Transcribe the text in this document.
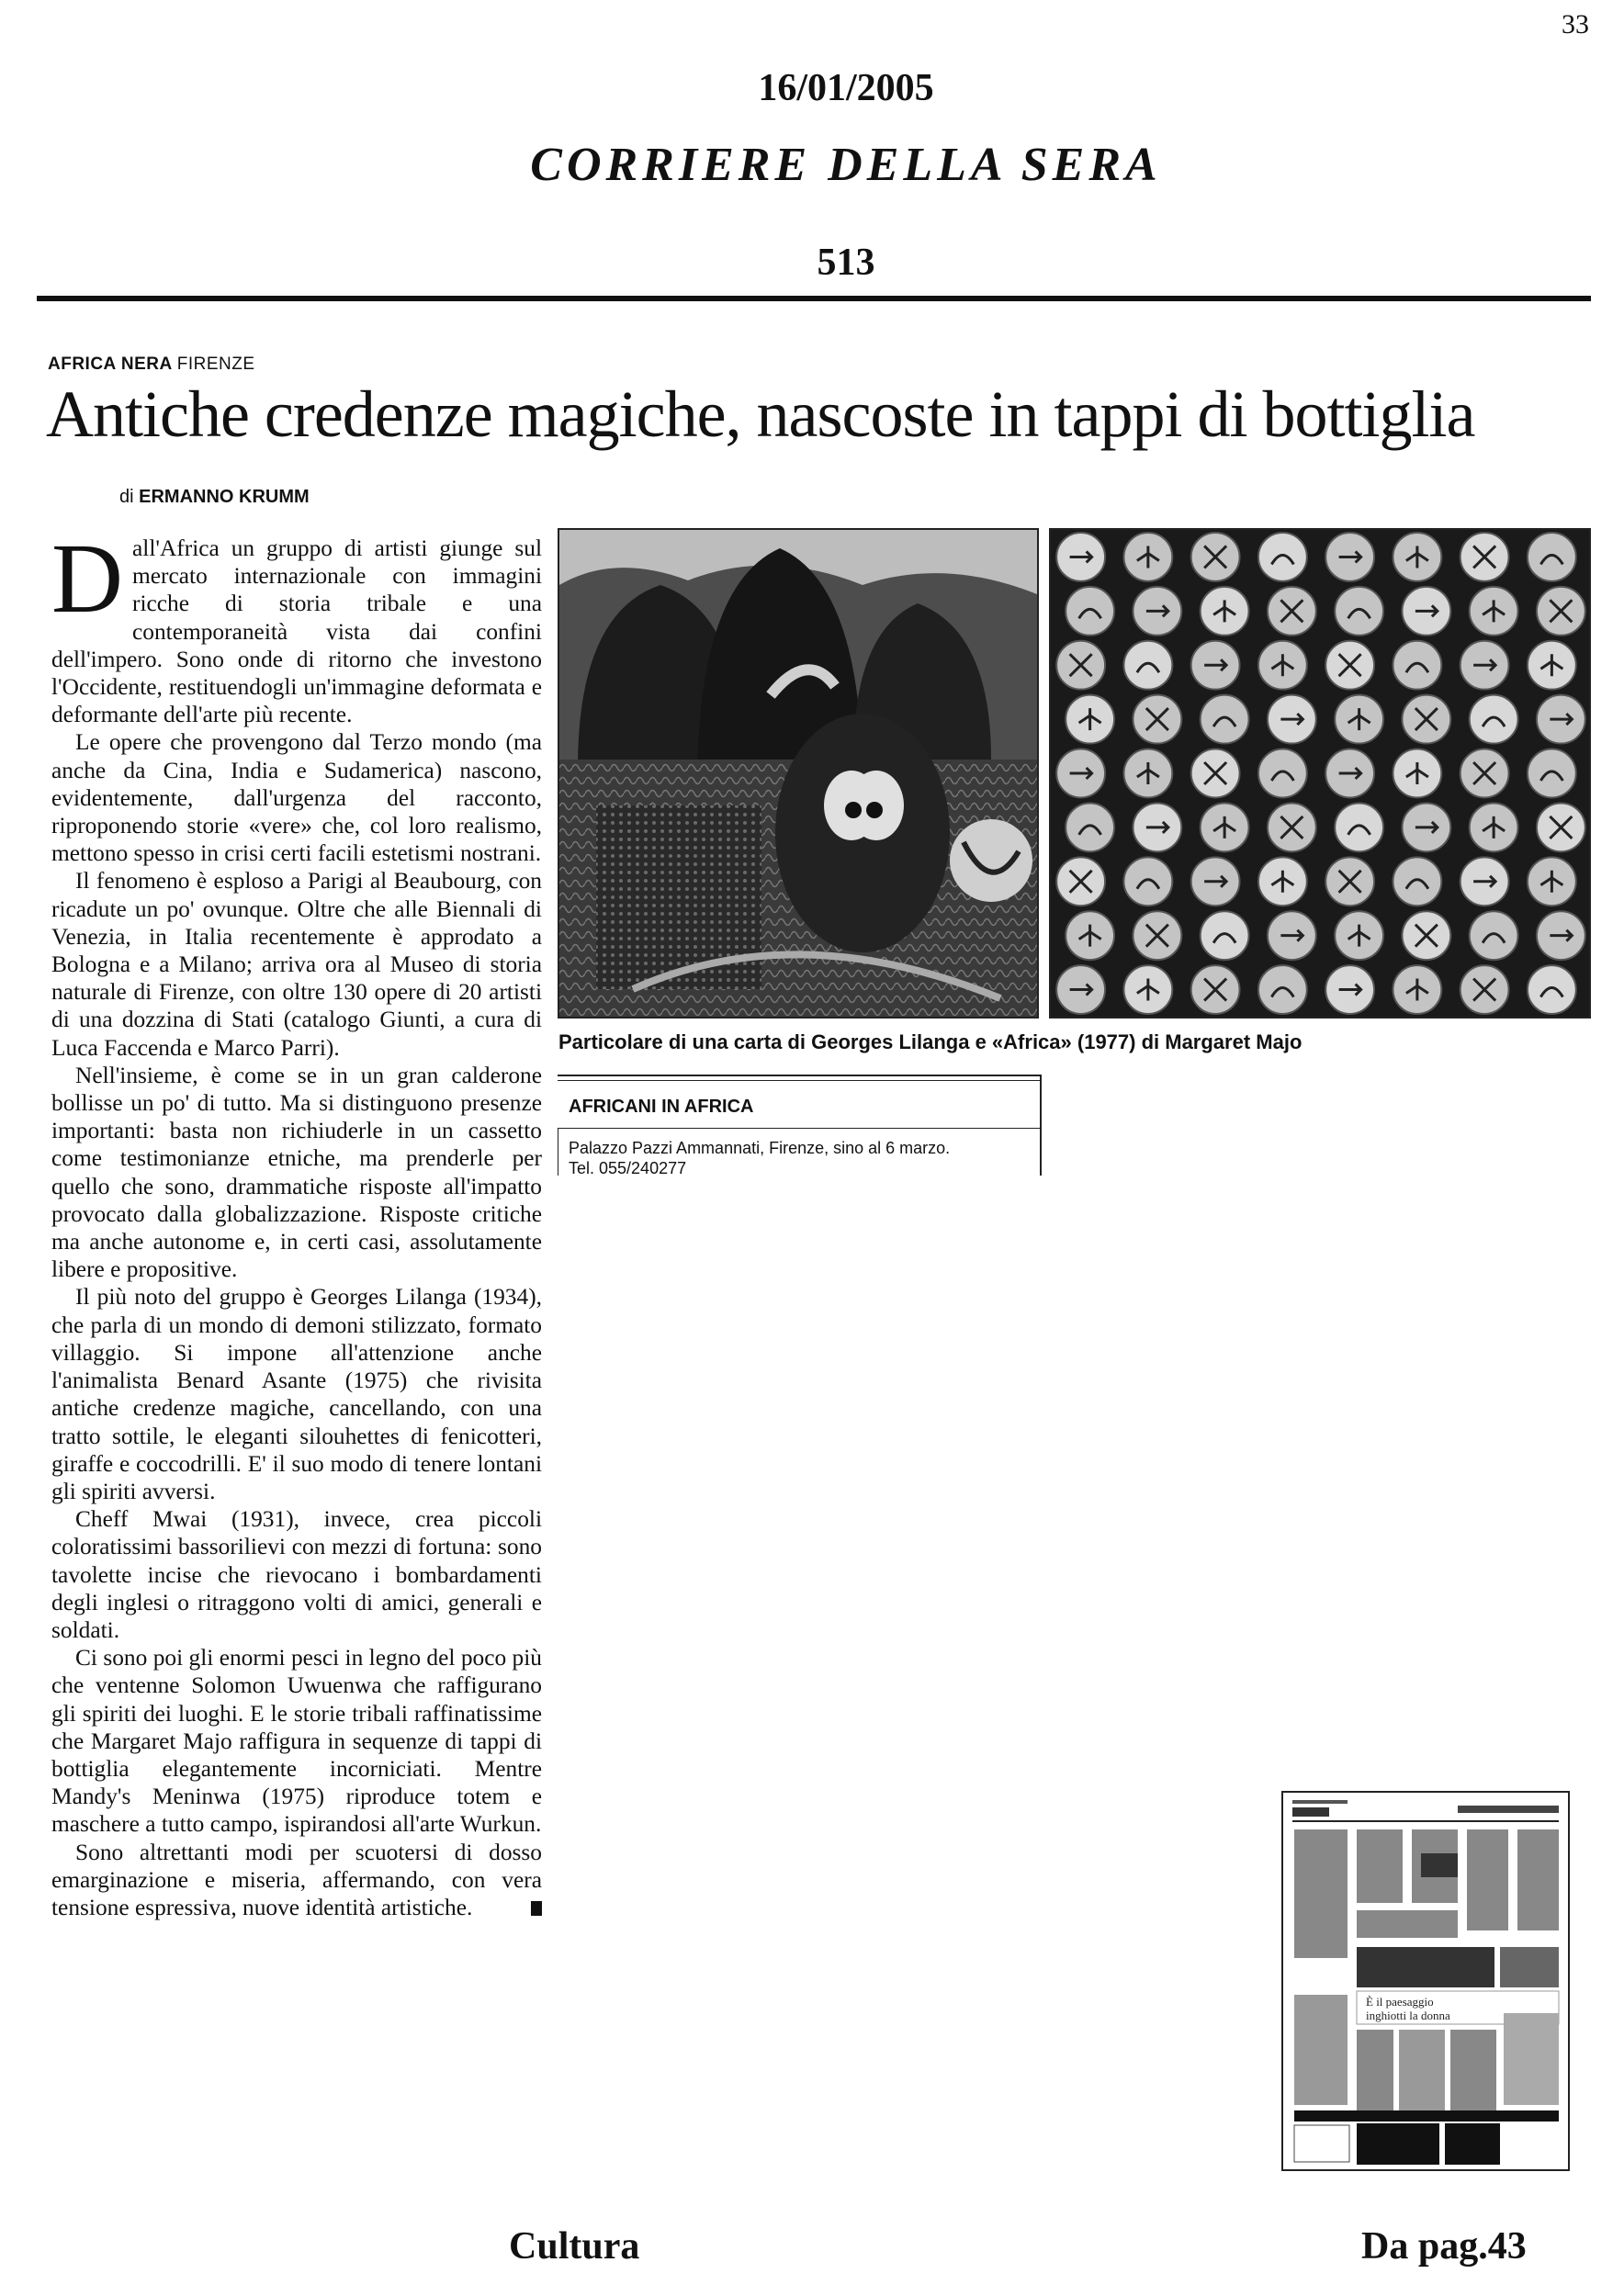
33
16/01/2005
CORRIERE DELLA SERA
513
AFRICA NERA FIRENZE
Antiche credenze magiche, nascoste in tappi di bottiglia
di ERMANNO KRUMM

Dall'Africa un gruppo di artisti giunge sul mercato internazionale con immagini ricche di storia tribale e una contemporaneità vista dai confini dell'impero. Sono onde di ritorno che investono l'Occidente, restituendogli un'immagine deformata e deformante dell'arte più recente.

Le opere che provengono dal Terzo mondo (ma anche da Cina, India e Sudamerica) nascono, evidentemente, dall'urgenza del racconto, riproponendo storie «vere» che, col loro realismo, mettono spesso in crisi certi facili estetismi nostrani.

Il fenomeno è esploso a Parigi al Beaubourg, con ricadute un po' ovunque. Oltre che alle Biennali di Venezia, in Italia recentemente è approdato a Bologna e a Milano; arriva ora al Museo di storia naturale di Firenze, con oltre 130 opere di 20 artisti di una dozzina di Stati (catalogo Giunti, a cura di Luca Faccenda e Marco Parri).

Nell'insieme, è come se in un gran calderone bollisse un po' di tutto. Ma si distinguono presenze importanti: basta non richiuderle in un cassetto come testimonianze etniche, ma prenderle per quello che sono, drammatiche risposte all'impatto provocato dalla globalizzazione. Risposte critiche ma anche autonome e, in certi casi, assolutamente libere e propositive.

Il più noto del gruppo è Georges Lilanga (1934), che parla di un mondo di demoni stilizzato, formato villaggio. Si impone all'attenzione anche l'animalista Benard Asante (1975) che rivisita antiche credenze magiche, cancellando, con una tratto sottile, le eleganti silouhettes di fenicotteri, giraffe e coccodrilli. E' il suo modo di tenere lontani gli spiriti avversi.

Cheff Mwai (1931), invece, crea piccoli coloratissimi bassorilievi con mezzi di fortuna: sono tavolette incise che rievocano i bombardamenti degli inglesi o ritraggono volti di amici, generali e soldati.

Ci sono poi gli enormi pesci in legno del poco più che ventenne Solomon Uwuenwa che raffigurano gli spiriti dei luoghi. E le storie tribali raffinatissime che Margaret Majo raffigura in sequenze di tappi di bottiglia elegantemente incorniciati. Mentre Mandy's Meninwa (1975) riproduce totem e maschere a tutto campo, ispirandosi all'arte Wurkun.

Sono altrettanti modi per scuotersi di dosso emarginazione e miseria, affermando, con vera tensione espressiva, nuove identità artistiche.

Particolare di una carta di Georges Lilanga e «Africa» (1977) di Margaret Majo
AFRICANI IN AFRICA
Palazzo Pazzi Ammannati, Firenze, sino al 6 marzo.
Tel. 055/240277
È il paesaggio inghiotti la donna
Cultura	Da pag.43
